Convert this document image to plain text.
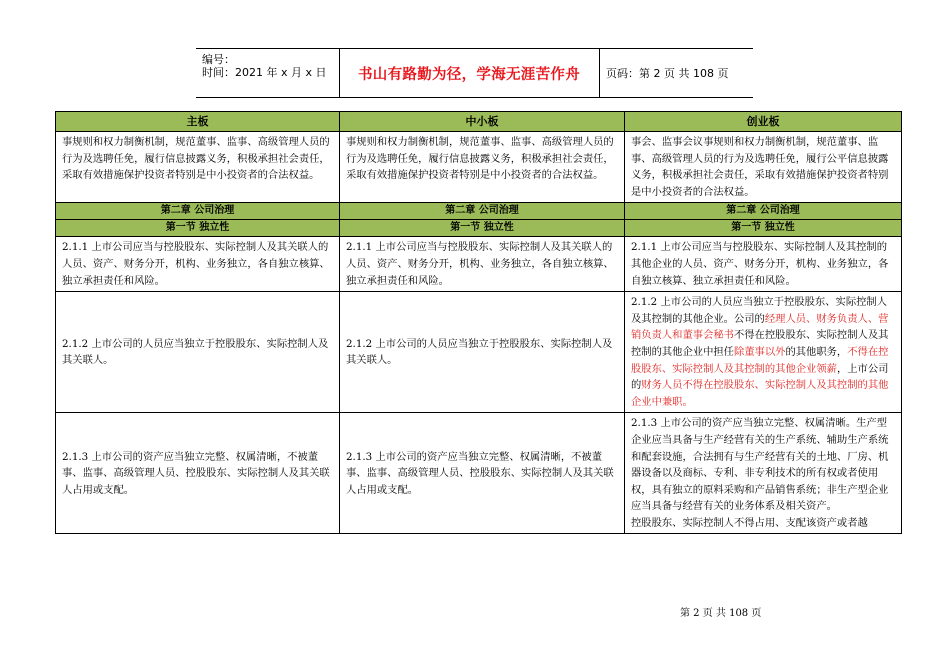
编号：
时间：2021 年 x 月 x 日 书山有路勤为径，学海无涯苦作舟	页码：第 2 页 共 108 页
主板	中小板	创业板
事规则和权力制衡机制，规范董事、监事、高级管理人员的行为及选聘任免，履行信息披露义务，积极承担社会责任，采取有效措施保护投资者特别是中小投资者的合法权益。	事规则和权力制衡机制，规范董事、监事、高级管理人员的行为及选聘任免，履行信息披露义务，积极承担社会责任，采取有效措施保护投资者特别是中小投资者的合法权益。	事会、监事会议事规则和权力制衡机制，规范董事、监事、高级管理人员的行为及选聘任免，履行公平信息披露义务，积极承担社会责任，采取有效措施保护投资者特别是中小投资者的合法权益。
第二章 公司治理	第二章 公司治理	第二章 公司治理
第一节 独立性	第一节 独立性	第一节 独立性
2.1.1 上市公司应当与控股股东、实际控制人及其关联人的人员、资产、财务分开，机构、业务独立，各自独立核算、独立承担责任和风险。	2.1.1 上市公司应当与控股股东、实际控制人及其关联人的人员、资产、财务分开，机构、业务独立，各自独立核算、独立承担责任和风险。	2.1.1 上市公司应当与控股股东、实际控制人及其控制的其他企业的人员、资产、财务分开，机构、业务独立，各自独立核算、独立承担责任和风险。
2.1.2 上市公司的人员应当独立于控股股东、实际控制人及其关联人。	2.1.2 上市公司的人员应当独立于控股股东、实际控制人及其关联人。	2.1.2 上市公司的人员应当独立于控股股东、实际控制人及其控制的其他企业。公司的经理人员、财务负责人、营销负责人和董事会秘书不得在控股股东、实际控制人及其控制的其他企业中担任除董事以外的其他职务，不得在控股股东、实际控制人及其控制的其他企业领薪，上市公司的财务人员不得在控股股东、实际控制人及其控制的其他企业中兼职。
2.1.3 上市公司的资产应当独立完整、权属清晰，不被董事、监事、高级管理人员、控股股东、实际控制人及其关联人占用或支配。	2.1.3 上市公司的资产应当独立完整、权属清晰，不被董事、监事、高级管理人员、控股股东、实际控制人及其关联人占用或支配。	2.1.3 上市公司的资产应当独立完整、权属清晰。生产型企业应当具备与生产经营有关的生产系统、辅助生产系统和配套设施，合法拥有与生产经营有关的土地、厂房、机器设备以及商标、专利、非专利技术的所有权或者使用权，具有独立的原料采购和产品销售系统；非生产型企业应当具备与经营有关的业务体系及相关资产。
控股股东、实际控制人不得占用、支配该资产或者越
第 2 页 共 108 页
